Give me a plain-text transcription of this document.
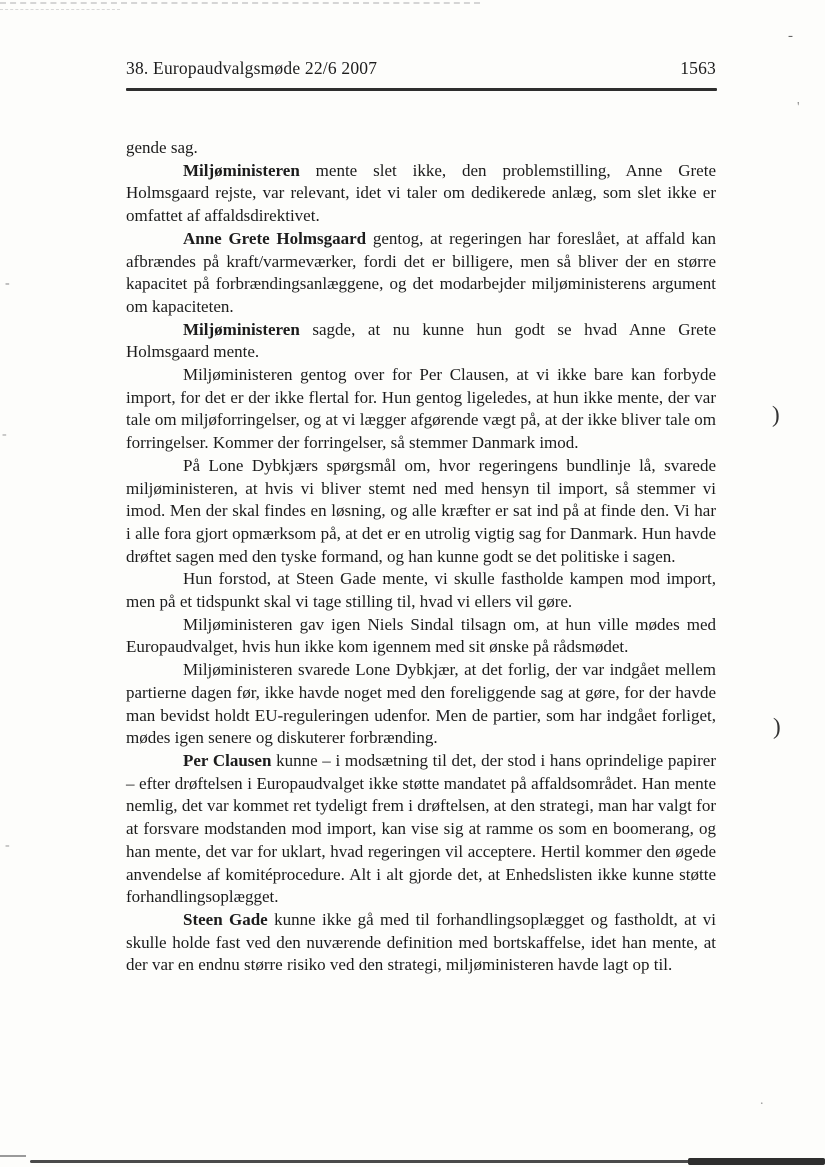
38. Europaudvalgsmøde 22/6 2007	1563

gende sag.

Miljøministeren mente slet ikke, den problemstilling, Anne Grete Holmsgaard rejste, var relevant, idet vi taler om dedikerede anlæg, som slet ikke er omfattet af affaldsdirektivet.

Anne Grete Holmsgaard gentog, at regeringen har foreslået, at affald kan afbrændes på kraft/varmeværker, fordi det er billigere, men så bliver der en større kapacitet på forbrændingsanlæggene, og det modarbejder miljøministerens argument om kapaciteten.

Miljøministeren sagde, at nu kunne hun godt se hvad Anne Grete Holmsgaard mente.

Miljøministeren gentog over for Per Clausen, at vi ikke bare kan forbyde import, for det er der ikke flertal for. Hun gentog ligeledes, at hun ikke mente, der var tale om miljøforringelser, og at vi lægger afgørende vægt på, at der ikke bliver tale om forringelser. Kommer der forringelser, så stemmer Danmark imod.

På Lone Dybkjærs spørgsmål om, hvor regeringens bundlinje lå, svarede miljøministeren, at hvis vi bliver stemt ned med hensyn til import, så stemmer vi imod. Men der skal findes en løsning, og alle kræfter er sat ind på at finde den. Vi har i alle fora gjort opmærksom på, at det er en utrolig vigtig sag for Danmark. Hun havde drøftet sagen med den tyske formand, og han kunne godt se det politiske i sagen.

Hun forstod, at Steen Gade mente, vi skulle fastholde kampen mod import, men på et tidspunkt skal vi tage stilling til, hvad vi ellers vil gøre.

Miljøministeren gav igen Niels Sindal tilsagn om, at hun ville mødes med Europaudvalget, hvis hun ikke kom igennem med sit ønske på rådsmødet.

Miljøministeren svarede Lone Dybkjær, at det forlig, der var indgået mellem partierne dagen før, ikke havde noget med den foreliggende sag at gøre, for der havde man bevidst holdt EU-reguleringen udenfor. Men de partier, som har indgået forliget, mødes igen senere og diskuterer forbrænding.

Per Clausen kunne – i modsætning til det, der stod i hans oprindelige papirer – efter drøftelsen i Europaudvalget ikke støtte mandatet på affaldsområdet. Han mente nemlig, det var kommet ret tydeligt frem i drøftelsen, at den strategi, man har valgt for at forsvare modstanden mod import, kan vise sig at ramme os som en boomerang, og han mente, det var for uklart, hvad regeringen vil acceptere. Hertil kommer den øgede anvendelse af komitéprocedure. Alt i alt gjorde det, at Enhedslisten ikke kunne støtte forhandlingsoplægget.

Steen Gade kunne ikke gå med til forhandlingsoplægget og fastholdt, at vi skulle holde fast ved den nuværende definition med bortskaffelse, idet han mente, at der var en endnu større risiko ved den strategi, miljøministeren havde lagt op til.

)
)
-
'
-
-
-
.
